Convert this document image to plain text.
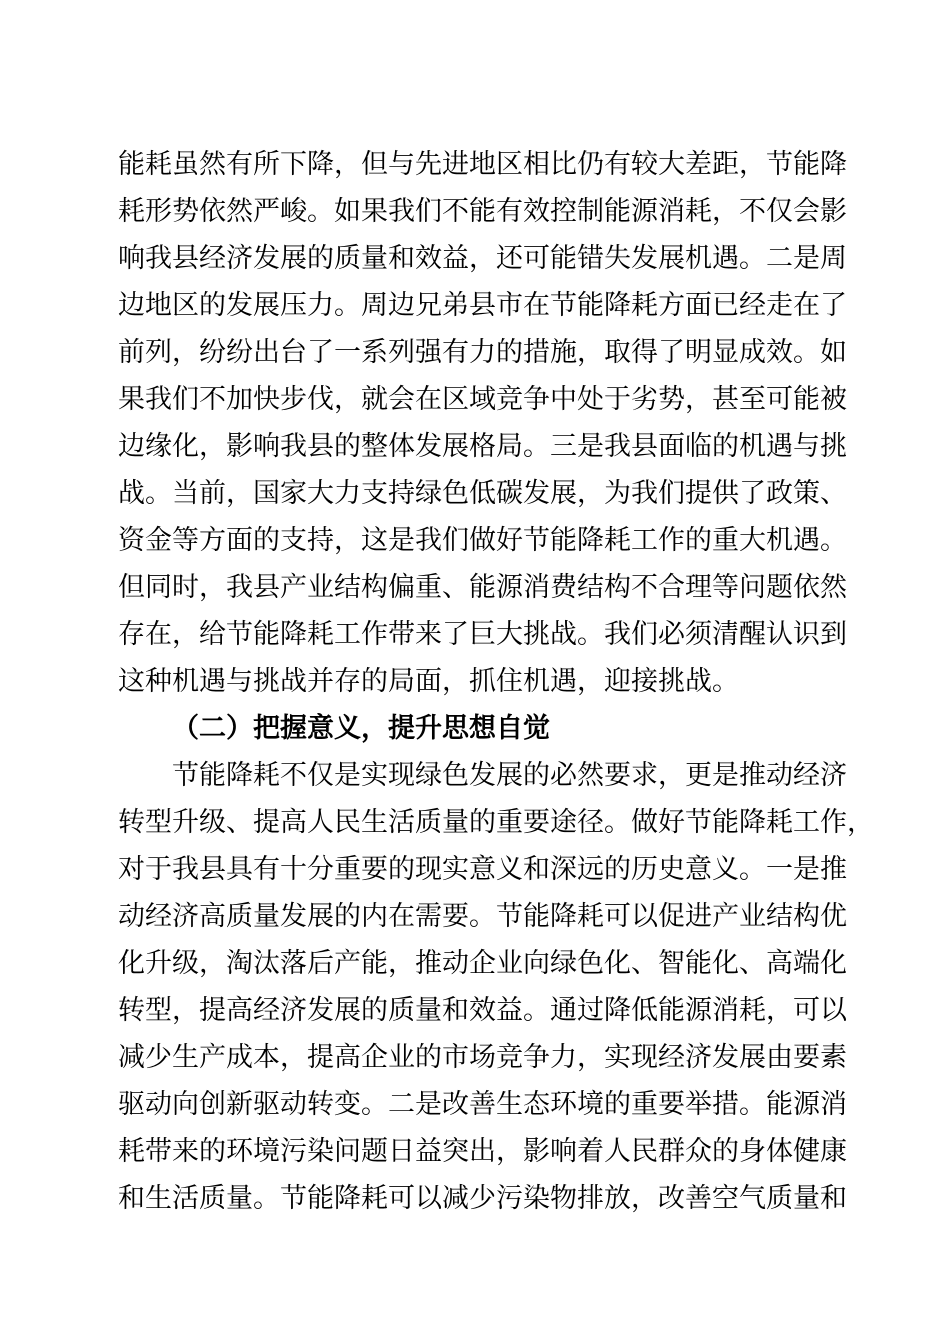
能耗虽然有所下降，但与先进地区相比仍有较大差距，节能降
耗形势依然严峻。如果我们不能有效控制能源消耗，不仅会影
响我县经济发展的质量和效益，还可能错失发展机遇。二是周
边地区的发展压力。周边兄弟县市在节能降耗方面已经走在了
前列，纷纷出台了一系列强有力的措施，取得了明显成效。如
果我们不加快步伐，就会在区域竞争中处于劣势，甚至可能被
边缘化，影响我县的整体发展格局。三是我县面临的机遇与挑
战。当前，国家大力支持绿色低碳发展，为我们提供了政策、
资金等方面的支持，这是我们做好节能降耗工作的重大机遇。
但同时，我县产业结构偏重、能源消费结构不合理等问题依然
存在，给节能降耗工作带来了巨大挑战。我们必须清醒认识到
这种机遇与挑战并存的局面，抓住机遇，迎接挑战。
（二）把握意义，提升思想自觉
节能降耗不仅是实现绿色发展的必然要求，更是推动经济
转型升级、提高人民生活质量的重要途径。做好节能降耗工作，
对于我县具有十分重要的现实意义和深远的历史意义。一是推
动经济高质量发展的内在需要。节能降耗可以促进产业结构优
化升级，淘汰落后产能，推动企业向绿色化、智能化、高端化
转型，提高经济发展的质量和效益。通过降低能源消耗，可以
减少生产成本，提高企业的市场竞争力，实现经济发展由要素
驱动向创新驱动转变。二是改善生态环境的重要举措。能源消
耗带来的环境污染问题日益突出，影响着人民群众的身体健康
和生活质量。节能降耗可以减少污染物排放，改善空气质量和
